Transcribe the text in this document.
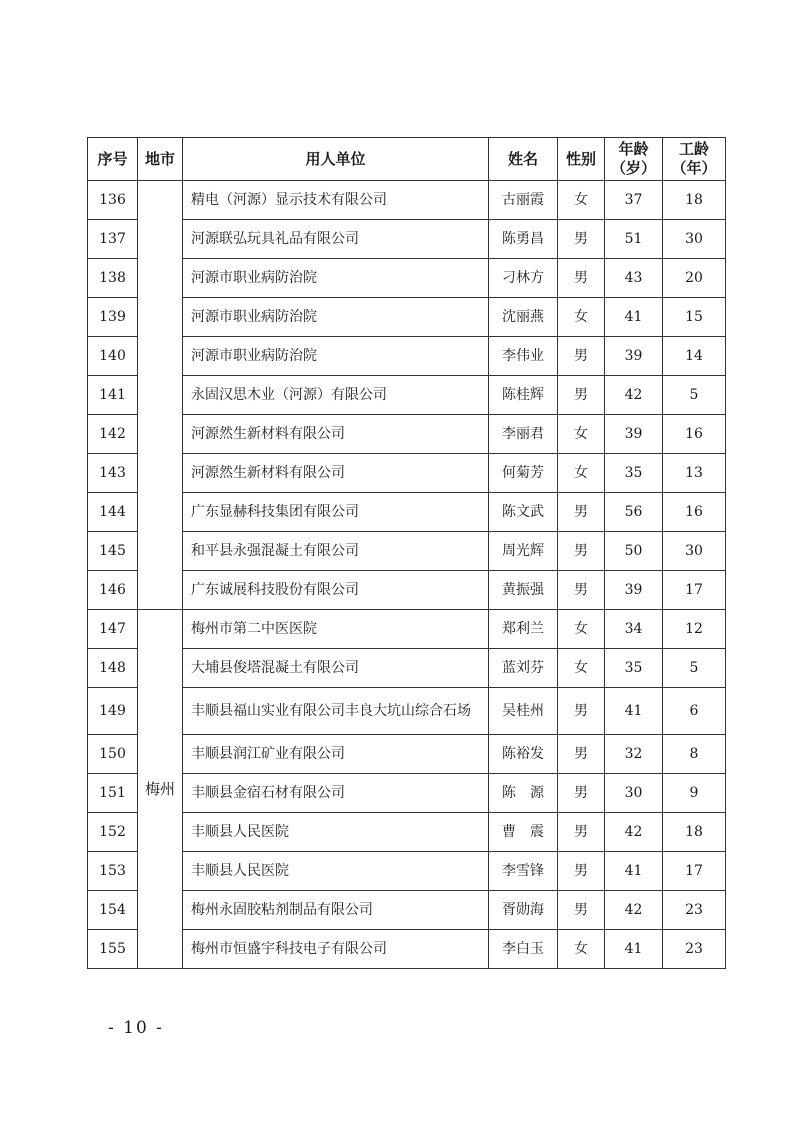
序号	地市	用人单位	姓名	性别	年龄（岁）	工龄（年）
136		精电（河源）显示技术有限公司	古丽霞	女	37	18
137		河源联弘玩具礼品有限公司	陈勇昌	男	51	30
138		河源市职业病防治院	刁林方	男	43	20
139		河源市职业病防治院	沈丽燕	女	41	15
140		河源市职业病防治院	李伟业	男	39	14
141		永固汉思木业（河源）有限公司	陈桂辉	男	42	5
142		河源然生新材料有限公司	李丽君	女	39	16
143		河源然生新材料有限公司	何菊芳	女	35	13
144		广东显赫科技集团有限公司	陈文武	男	56	16
145		和平县永强混凝土有限公司	周光辉	男	50	30
146		广东诚展科技股份有限公司	黄振强	男	39	17
147	梅州	梅州市第二中医医院	郑利兰	女	34	12
148		大埔县俊塔混凝土有限公司	蓝刘芬	女	35	5
149		丰顺县福山实业有限公司丰良大坑山综合石场	吴桂州	男	41	6
150		丰顺县润江矿业有限公司	陈裕发	男	32	8
151		丰顺县金宿石材有限公司	陈　源	男	30	9
152		丰顺县人民医院	曹　震	男	42	18
153		丰顺县人民医院	李雪锋	男	41	17
154		梅州永固胶粘剂制品有限公司	胥勋海	男	42	23
155		梅州市恒盛宇科技电子有限公司	李白玉	女	41	23
- 10 -
